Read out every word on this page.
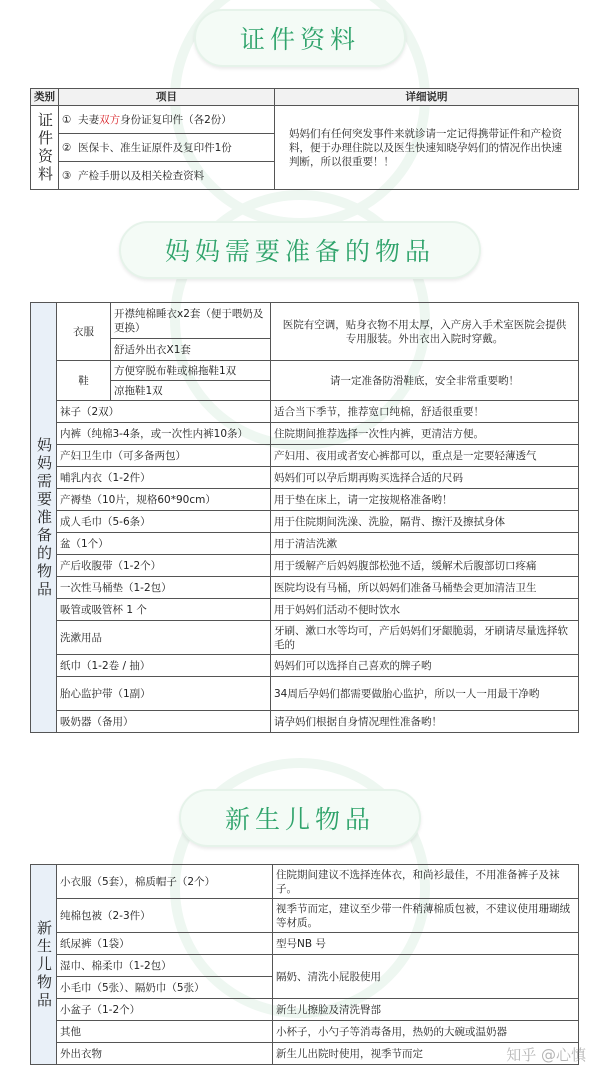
证件资料
类别	项目	详细说明

证件资料	① 夫妻双方身份证复印件（各2份）	妈妈们有任何突发事件来就诊请一定记得携带证件和产检资料，便于办理住院以及医生快速知晓孕妈们的情况作出快速判断，所以很重要！！
	② 医保卡、准生证原件及复印件1份	
	③ 产检手册以及相关检查资料	
妈妈需要准备的物品
妈妈需要准备的物品	衣服	开襟纯棉睡衣x2套（便于喂奶及更换）	医院有空调，贴身衣物不用太厚，入产房入手术室医院会提供专用服装。外出衣出入院时穿戴。
		舒适外出衣X1套	
	鞋	方便穿脱布鞋或棉拖鞋1双	请一定准备防滑鞋底，安全非常重要哟！
		凉拖鞋1双	
	袜子（2双）		适合当下季节，推荐宽口纯棉，舒适很重要！
	内裤（纯棉3-4条，或一次性内裤10条）		住院期间推荐选择一次性内裤，更清洁方便。
	产妇卫生巾（可多备两包）		产妇用、夜用或者安心裤都可以，重点是一定要轻薄透气
	哺乳内衣（1-2件）		妈妈们可以孕后期再购买选择合适的尺码
	产褥垫（10片，规格60*90cm）		用于垫在床上，请一定按规格准备哟！
	成人毛巾（5-6条）		用于住院期间洗澡、洗脸，隔背、擦汗及擦拭身体
	盆（1个）		用于清洁洗漱
	产后收腹带（1-2个）		用于缓解产后妈妈腹部松弛不适，缓解术后腹部切口疼痛
	一次性马桶垫（1-2包）		医院均设有马桶，所以妈妈们准备马桶垫会更加清洁卫生
	吸管或吸管杯 1 个		用于妈妈们活动不便时饮水
	洗漱用品		牙刷、漱口水等均可，产后妈妈们牙龈脆弱，牙刷请尽量选择软毛的
	纸巾（1-2卷 / 抽）		妈妈们可以选择自己喜欢的牌子哟
	胎心监护带（1副）		34周后孕妈们都需要做胎心监护，所以一人一用最干净哟
	吸奶器（备用）		请孕妈们根据自身情况理性准备哟！
新生儿物品
新生儿物品	小衣服（5套），棉质帽子（2个）	住院期间建议不选择连体衣，和尚衫最佳，不用准备裤子及袜子。
	纯棉包被（2-3件）	视季节而定，建议至少带一件稍薄棉质包被，不建议使用珊瑚绒等材质。
	纸尿裤（1袋）	型号NB 号
	湿巾、棉柔巾（1-2包）	隔奶、清洗小屁股使用
	小毛巾（5张）、隔奶巾（5张）	
	小盆子（1-2个）	新生儿擦脸及清洗臀部
	其他	小杯子，小勺子等消毒备用，热奶的大碗或温奶器
	外出衣物	新生儿出院时使用，视季节而定	知乎 @心慎
